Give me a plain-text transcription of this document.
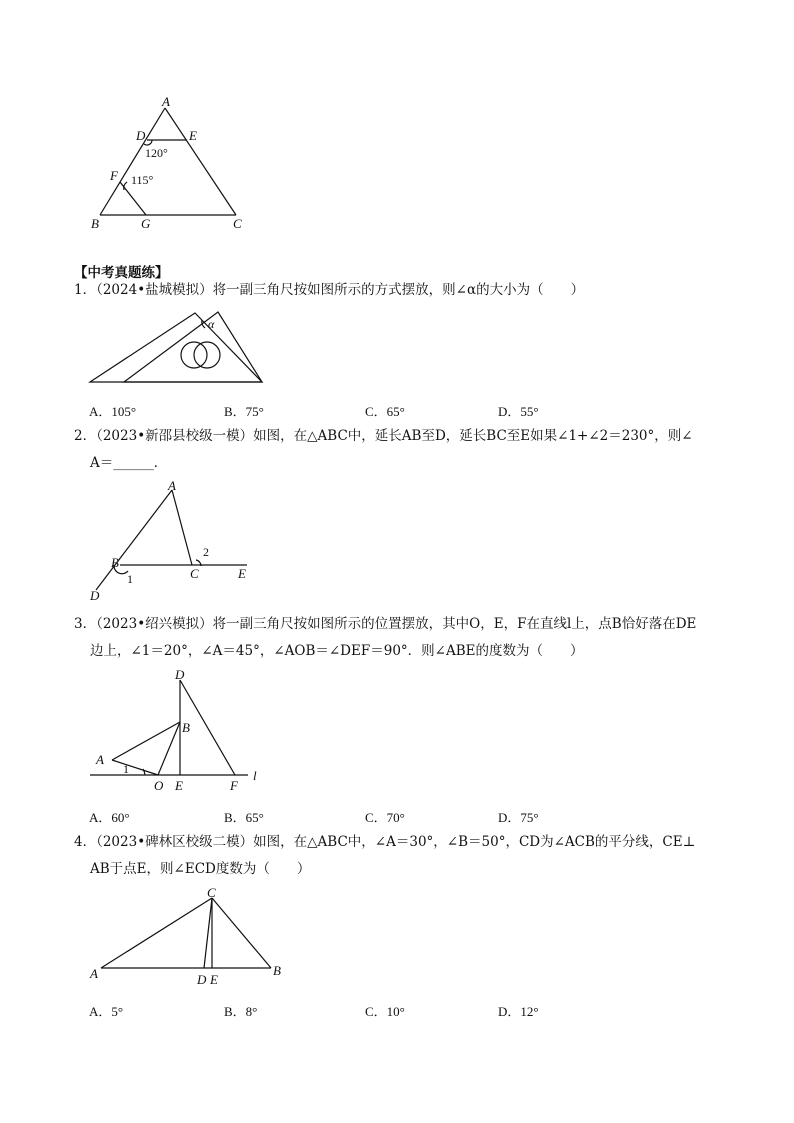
A
D	E
120°
F 115°
B	G	C
【中考真题练】
1．（2024•盐城模拟）将一副三角尺按如图所示的方式摆放，则∠α的大小为（　　）
α
A．105°	B．75°	C．65°	D．55°
2．（2023•新邵县校级一模）如图，在△ABC中，延长AB至D，延长BC至E如果∠1+∠2＝230°，则∠
A＝______．
A
B
1	C
2
E
D
3．（2023•绍兴模拟）将一副三角尺按如图所示的位置摆放，其中O，E，F在直线l上，点B恰好落在DE
边上，∠1＝20°，∠A＝45°，∠AOB＝∠DEF＝90°．则∠ABE的度数为（　　）
D
B
A
1
O E	F
l
A．60°	B．65°	C．70°	D．75°
4．（2023•碑林区校级二模）如图，在△ABC中，∠A＝30°，∠B＝50°，CD为∠ACB的平分线，CE⊥
AB于点E，则∠ECD度数为（　　）
C
A	B
D E
A．5°	B．8°	C．10°	D．12°
